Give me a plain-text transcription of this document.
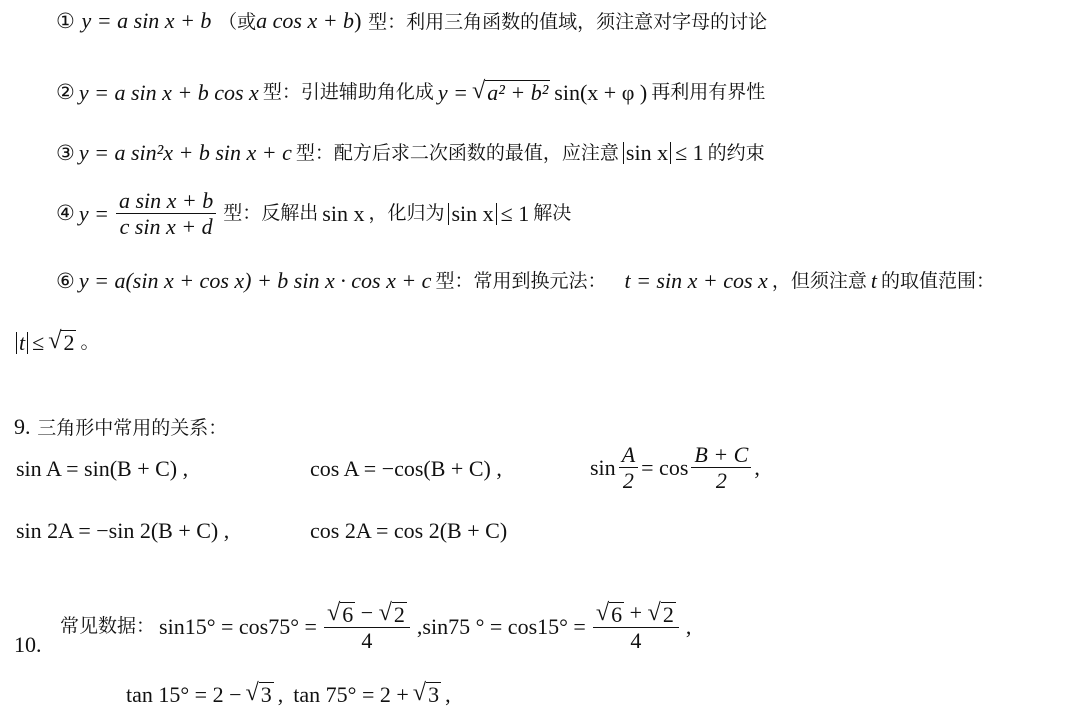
① y = a sin x + b （或a cos x + b) 型：利用三角函数的值域，须注意对字母的讨论
② y = a sin x + b cos x 型：引进辅助角化成 y = √ a² + b² sin(x + φ ) 再利用有界性
③ y = a sin²x + b sin x + c 型：配方后求二次函数的最值，应注意 sin x ≤ 1 的约束
④ $y = \frac{\text{a sin x + b}}{\text{c sin x + d}}$ 型：反解出 sin x ，化归为 sin x ≤ 1 解决
⑥ y = a(sin x + cos x) + b sin x · cos x + c 型：常用到换元法： t = sin x + cos x ，但须注意 t 的取值范围：
t ≤ √ 2 。
9. 三角形中常用的关系：
sin A = sin(B + C) ,	cos A = −cos(B + C) ,	$\sin \frac{A}{2} = \cos \frac{B + C}{2}$ ,
sin 2A = −sin 2(B + C) ,	cos 2A = cos 2(B + C)
10.
常见数据： $\sin 15^\circ = \cos 75^\circ = \frac{√ 6 - √ 2}{4} ,\sin 75$ ° = $\cos 15^\circ = \frac{√ 6 + √ 2}{4}$ ,
tan 15° = 2 − √ 3 , tan 75° = 2 + √ 3 ,
